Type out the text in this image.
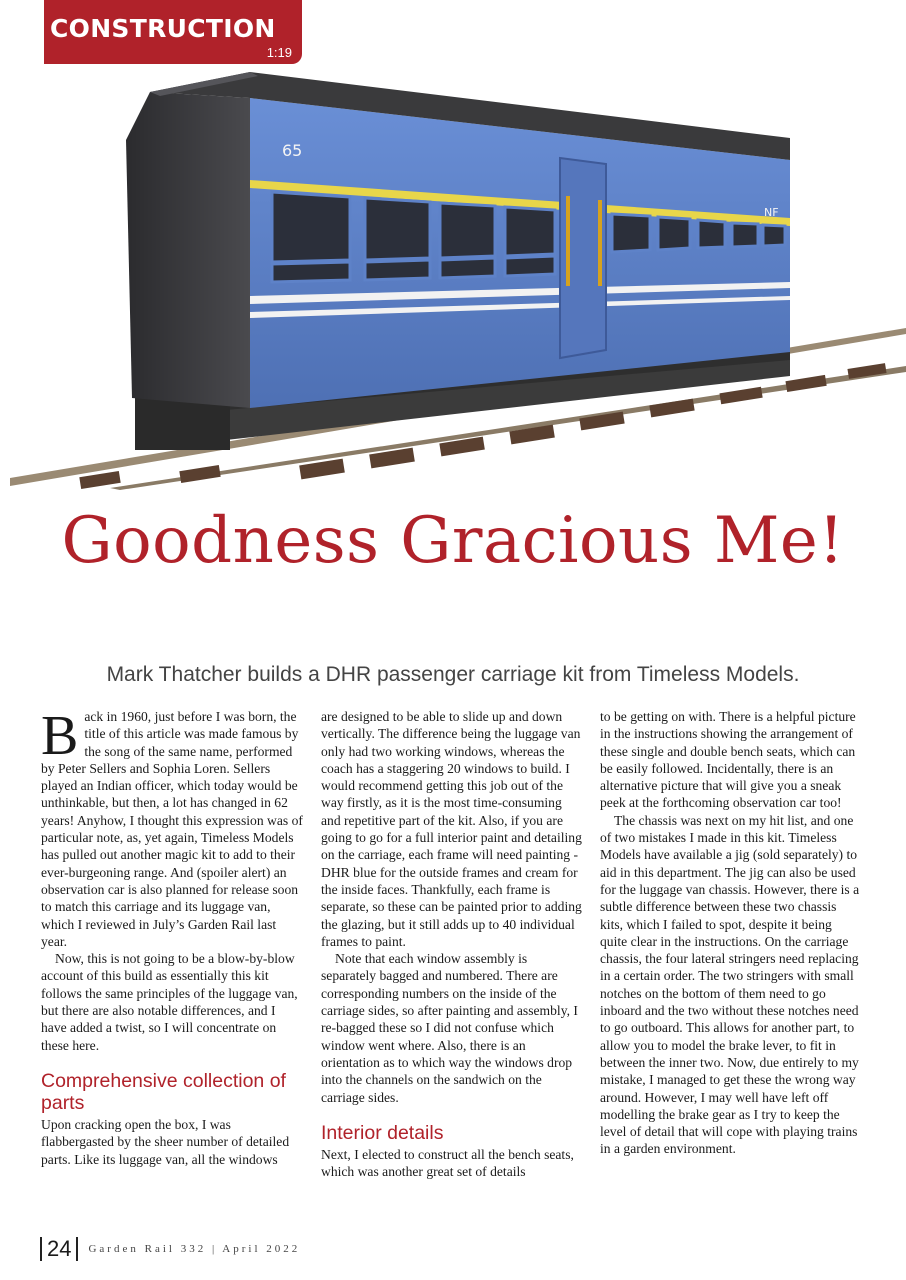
65
NF
CONSTRUCTION
1:19
Goodness Gracious Me!
Mark Thatcher builds a DHR passenger carriage kit from Timeless Models.

Back in 1960, just before I was born, the title of this article was made famous by the song of the same name, performed by Peter Sellers and Sophia Loren. Sellers played an Indian officer, which today would be unthinkable, but then, a lot has changed in 62 years! Anyhow, I thought this expression was of particular note, as, yet again, Timeless Models has pulled out another magic kit to add to their ever-burgeoning range. And (spoiler alert) an observation car is also planned for release soon to match this carriage and its luggage van, which I reviewed in July’s Garden Rail last year.

Now, this is not going to be a blow-by-blow account of this build as essentially this kit follows the same principles of the luggage van, but there are also notable differences, and I have added a twist, so I will concentrate on these here.

Comprehensive collection of parts

Upon cracking open the box, I was flabbergasted by the sheer number of detailed parts. Like its luggage van, all the windows

are designed to be able to slide up and down vertically. The difference being the luggage van only had two working windows, whereas the coach has a staggering 20 windows to build. I would recommend getting this job out of the way firstly, as it is the most time-consuming and repetitive part of the kit. Also, if you are going to go for a full interior paint and detailing on the carriage, each frame will need painting - DHR blue for the outside frames and cream for the inside faces. Thankfully, each frame is separate, so these can be painted prior to adding the glazing, but it still adds up to 40 individual frames to paint.

Note that each window assembly is separately bagged and numbered. There are corresponding numbers on the inside of the carriage sides, so after painting and assembly, I re-bagged these so I did not confuse which window went where. Also, there is an orientation as to which way the windows drop into the channels on the sandwich on the carriage sides.

Interior details

Next, I elected to construct all the bench seats, which was another great set of details

to be getting on with. There is a helpful picture in the instructions showing the arrangement of these single and double bench seats, which can be easily followed. Incidentally, there is an alternative picture that will give you a sneak peek at the forthcoming observation car too!

The chassis was next on my hit list, and one of two mistakes I made in this kit. Timeless Models have available a jig (sold separately) to aid in this department. The jig can also be used for the luggage van chassis. However, there is a subtle difference between these two chassis kits, which I failed to spot, despite it being quite clear in the instructions. On the carriage chassis, the four lateral stringers need replacing in a certain order. The two stringers with small notches on the bottom of them need to go inboard and the two without these notches need to go outboard. This allows for another part, to allow you to model the brake lever, to fit in between the inner two. Now, due entirely to my mistake, I managed to get these the wrong way around. However, I may well have left off modelling the brake gear as I try to keep the level of detail that will cope with playing trains in a garden environment.

24	Garden Rail 332 | April 2022
